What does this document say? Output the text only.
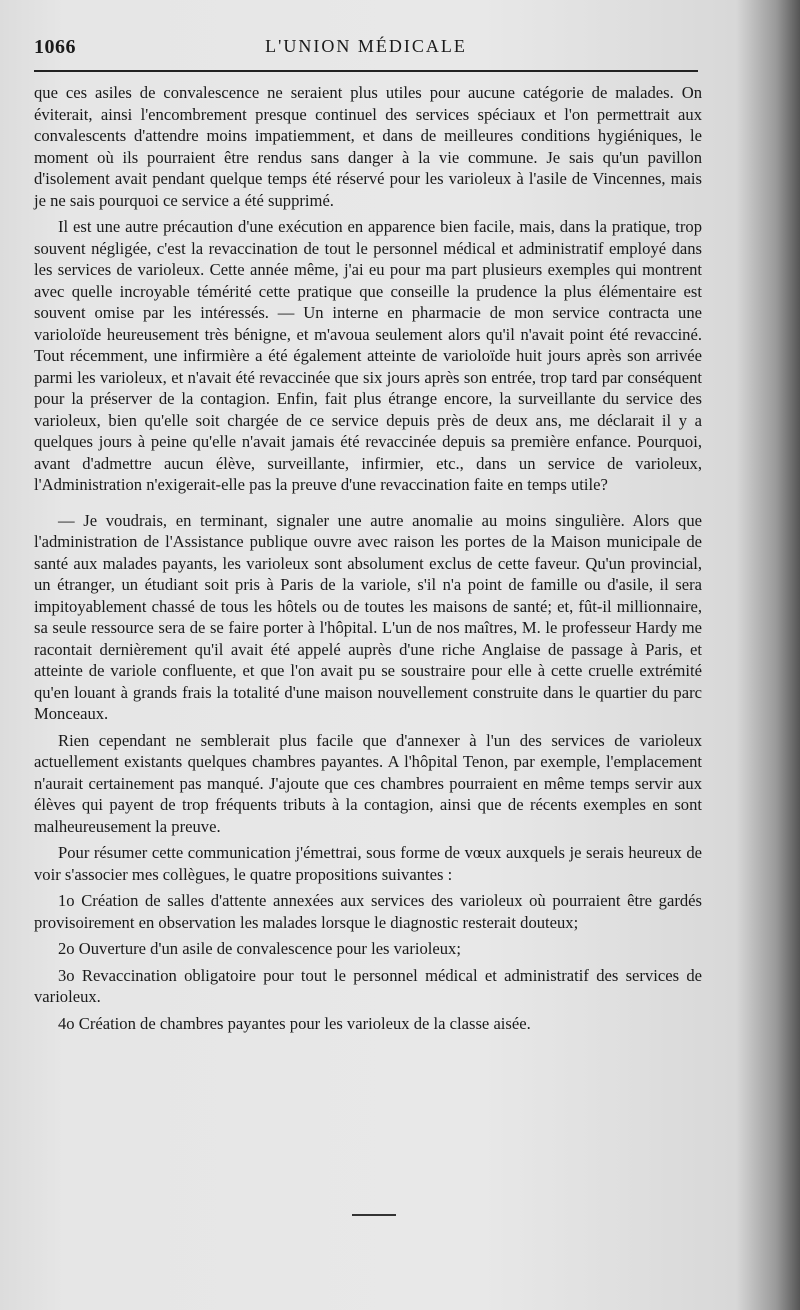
1066	L'UNION MÉDICALE

que ces asiles de convalescence ne seraient plus utiles pour aucune catégorie de malades. On éviterait, ainsi l'encombrement presque continuel des services spéciaux et l'on permettrait aux convalescents d'attendre moins impatiemment, et dans de meilleures conditions hygiéniques, le moment où ils pourraient être rendus sans danger à la vie commune. Je sais qu'un pavillon d'isolement avait pendant quelque temps été réservé pour les varioleux à l'asile de Vincennes, mais je ne sais pourquoi ce service a été supprimé.

Il est une autre précaution d'une exécution en apparence bien facile, mais, dans la pratique, trop souvent négligée, c'est la revaccination de tout le personnel médical et administratif employé dans les services de varioleux. Cette année même, j'ai eu pour ma part plusieurs exemples qui montrent avec quelle incroyable témérité cette pratique que conseille la prudence la plus élémentaire est souvent omise par les intéressés. — Un interne en pharmacie de mon service contracta une varioloïde heureusement très bénigne, et m'avoua seulement alors qu'il n'avait point été revacciné. Tout récemment, une infirmière a été également atteinte de varioloïde huit jours après son arrivée parmi les varioleux, et n'avait été revaccinée que six jours après son entrée, trop tard par conséquent pour la préserver de la contagion. Enfin, fait plus étrange encore, la surveillante du service des varioleux, bien qu'elle soit chargée de ce service depuis près de deux ans, me déclarait il y a quelques jours à peine qu'elle n'avait jamais été revaccinée depuis sa première enfance. Pourquoi, avant d'admettre aucun élève, surveillante, infirmier, etc., dans un service de varioleux, l'Administration n'exigerait-elle pas la preuve d'une revaccination faite en temps utile?

— Je voudrais, en terminant, signaler une autre anomalie au moins singulière. Alors que l'administration de l'Assistance publique ouvre avec raison les portes de la Maison municipale de santé aux malades payants, les varioleux sont absolument exclus de cette faveur. Qu'un provincial, un étranger, un étudiant soit pris à Paris de la variole, s'il n'a point de famille ou d'asile, il sera impitoyablement chassé de tous les hôtels ou de toutes les maisons de santé; et, fût-il millionnaire, sa seule ressource sera de se faire porter à l'hôpital. L'un de nos maîtres, M. le professeur Hardy me racontait dernièrement qu'il avait été appelé auprès d'une riche Anglaise de passage à Paris, et atteinte de variole confluente, et que l'on avait pu se soustraire pour elle à cette cruelle extrémité qu'en louant à grands frais la totalité d'une maison nouvellement construite dans le quartier du parc Monceaux.

Rien cependant ne semblerait plus facile que d'annexer à l'un des services de varioleux actuellement existants quelques chambres payantes. A l'hôpital Tenon, par exemple, l'emplacement n'aurait certainement pas manqué. J'ajoute que ces chambres pourraient en même temps servir aux élèves qui payent de trop fréquents tributs à la contagion, ainsi que de récents exemples en sont malheureusement la preuve.

Pour résumer cette communication j'émettrai, sous forme de vœux auxquels je serais heureux de voir s'associer mes collègues, le quatre propositions suivantes :

1o Création de salles d'attente annexées aux services des varioleux où pourraient être gardés provisoirement en observation les malades lorsque le diagnostic resterait douteux;

2o Ouverture d'un asile de convalescence pour les varioleux;

3o Revaccination obligatoire pour tout le personnel médical et administratif des services de varioleux.

4o Création de chambres payantes pour les varioleux de la classe aisée.
